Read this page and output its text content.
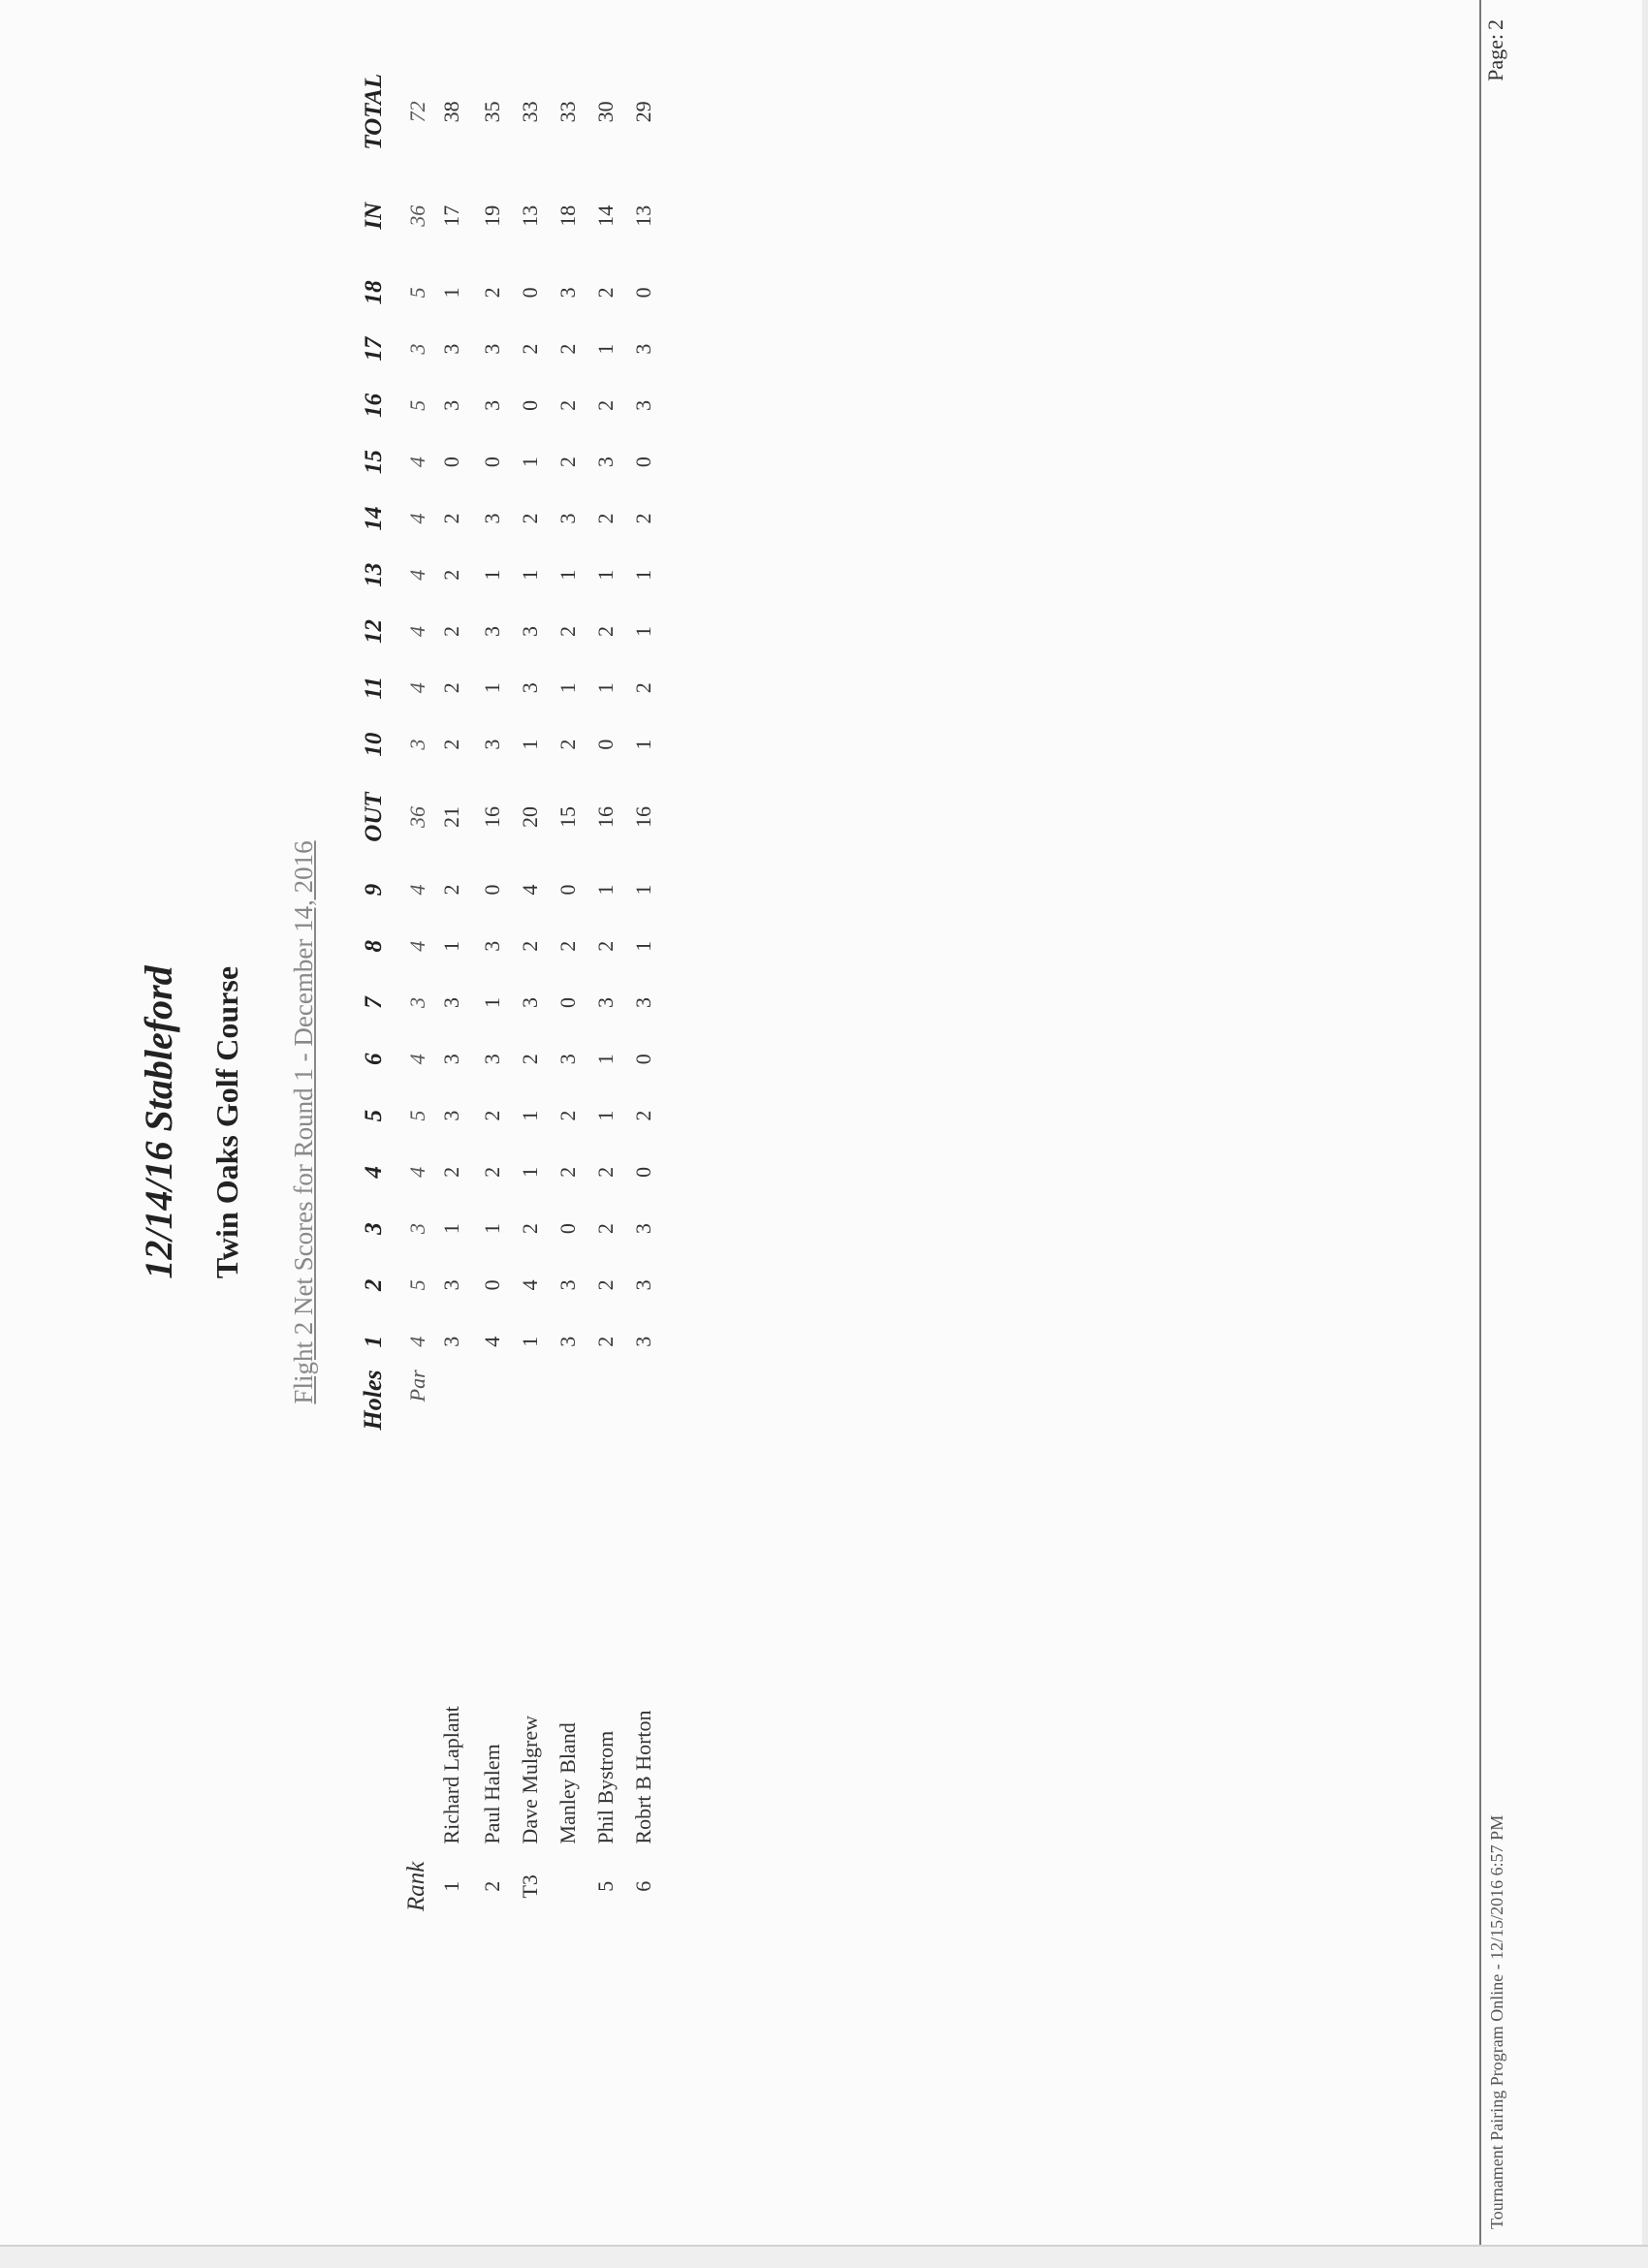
12/14/16 Stableford Twin Oaks Golf Course Flight 2 Net Scores for Round 1 - December 14, 2016
		Holes	1	2	3	4	5	6	7	8	9	OUT	10	11	12	13	14	15	16	17	18	IN	TOTAL
Rank		Par	4	5	3	4	5	4	3	4	4	36	3	4	4	4	4	4	5	3	5	36	72
1	Richard Laplant		3	3	1	2	3	3	3	1	2	21	2	2	2	2	2	0	3	3	1	17	38
2	Paul Halem		4	0	1	2	2	3	1	3	0	16	3	1	3	1	3	0	3	3	2	19	35
T3	Dave Mulgrew		1	4	2	1	1	2	3	2	4	20	1	3	3	1	2	1	0	2	0	13	33
	Manley Bland		3	3	0	2	2	3	0	2	0	15	2	1	2	1	3	2	2	2	3	18	33
5	Phil Bystrom		2	2	2	2	1	1	3	2	1	16	0	1	2	1	2	3	2	1	2	14	30
6	Robrt B Horton		3	3	3	0	2	0	3	1	1	16	1	2	1	1	2	0	3	3	0	13	29
Tournament Pairing Program Online - 12/15/2016 6:57 PM
Page:2
